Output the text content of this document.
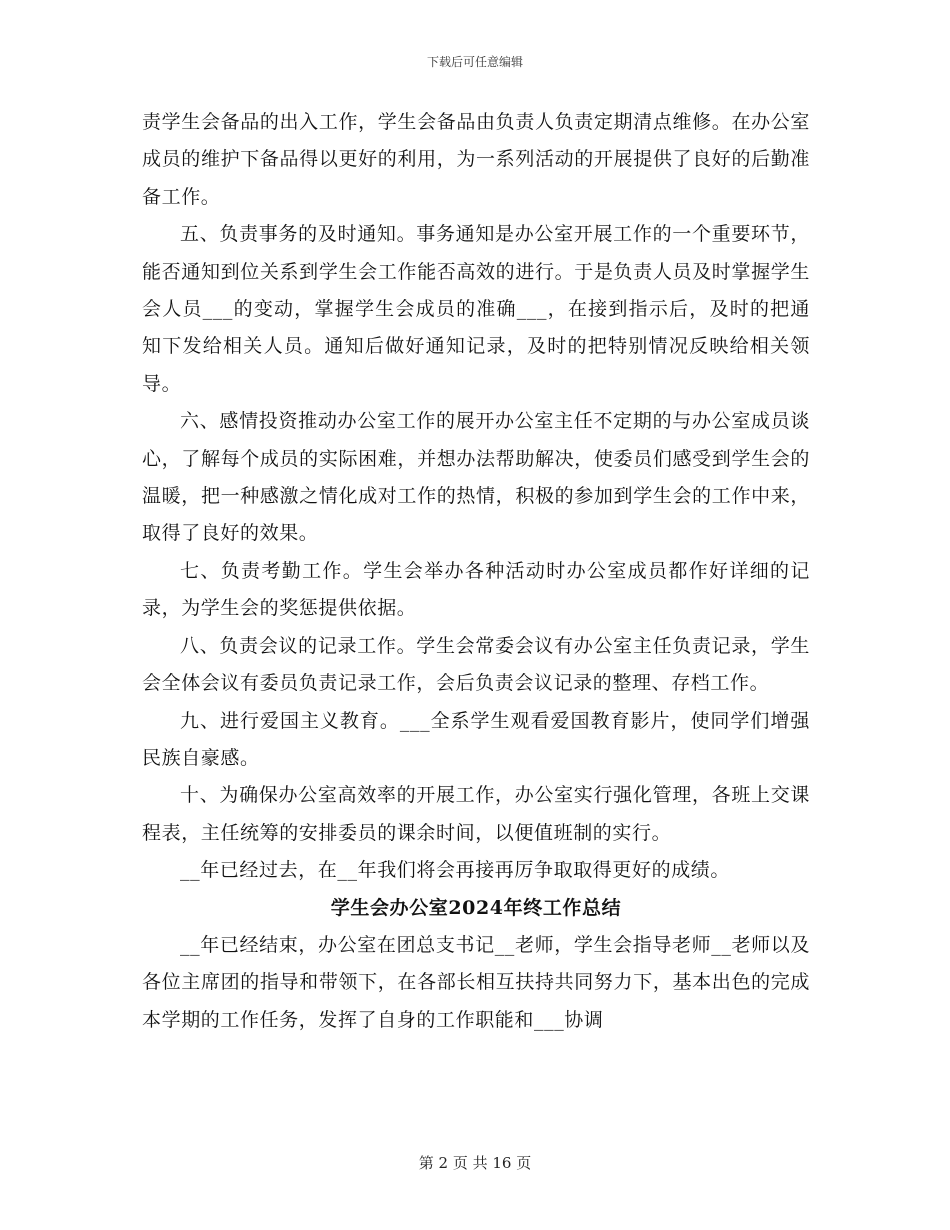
下载后可任意编辑

责学生会备品的出入工作，学生会备品由负责人负责定期清点维修。在办公室成员的维护下备品得以更好的利用，为一系列活动的开展提供了良好的后勤准备工作。

五、负责事务的及时通知。事务通知是办公室开展工作的一个重要环节，能否通知到位关系到学生会工作能否高效的进行。于是负责人员及时掌握学生会人员___的变动，掌握学生会成员的准确___，在接到指示后，及时的把通知下发给相关人员。通知后做好通知记录，及时的把特别情况反映给相关领导。

六、感情投资推动办公室工作的展开办公室主任不定期的与办公室成员谈心，了解每个成员的实际困难，并想办法帮助解决，使委员们感受到学生会的温暖，把一种感激之情化成对工作的热情，积极的参加到学生会的工作中来，取得了良好的效果。

七、负责考勤工作。学生会举办各种活动时办公室成员都作好详细的记录，为学生会的奖惩提供依据。

八、负责会议的记录工作。学生会常委会议有办公室主任负责记录，学生会全体会议有委员负责记录工作，会后负责会议记录的整理、存档工作。

九、进行爱国主义教育。___全系学生观看爱国教育影片，使同学们增强民族自豪感。

十、为确保办公室高效率的开展工作，办公室实行强化管理，各班上交课程表，主任统筹的安排委员的课余时间，以便值班制的实行。

__年已经过去，在__年我们将会再接再厉争取取得更好的成绩。

学生会办公室2024年终工作总结

__年已经结束，办公室在团总支书记__老师，学生会指导老师__老师以及各位主席团的指导和带领下，在各部长相互扶持共同努力下，基本出色的完成本学期的工作任务，发挥了自身的工作职能和___协调

第 2 页 共 16 页
